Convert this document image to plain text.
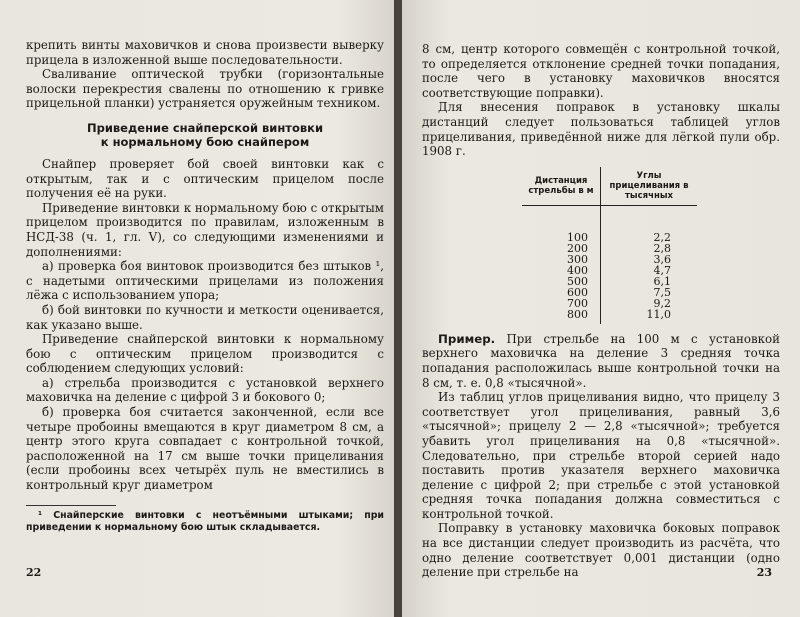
крепить винты маховичков и снова произвести выверку прицела в изложенной выше последовательности.

Сваливание оптической трубки (горизонтальные волоски перекрестия свалены по отношению к гривке прицельной планки) устраняется оружейным техником.

Приведение снайперской винтовки
к нормальному бою снайпером

Снайпер проверяет бой своей винтовки как с открытым, так и с оптическим прицелом после получения её на руки.

Приведение винтовки к нормальному бою с открытым прицелом производится по правилам, изложенным в НСД-38 (ч. 1, гл. V), со следующими изменениями и дополнениями:

а) проверка боя винтовок производится без штыков ¹, с надетыми оптическими прицелами из положения лёжа с использованием упора;

б) бой винтовки по кучности и меткости оценивается, как указано выше.

Приведение снайперской винтовки к нормальному бою с оптическим прицелом производится с соблюдением следующих условий:

а) стрельба производится с установкой верхнего маховичка на деление с цифрой 3 и бокового 0;

б) проверка боя считается законченной, если все четыре пробоины вмещаются в круг диаметром 8 см, а центр этого круга совпадает с контрольной точкой, расположенной на 17 см выше точки прицеливания (если пробоины всех четырёх пуль не вместились в контрольный круг диаметром

¹ Снайперские винтовки с неотъёмными штыками; при приведении к нормальному бою штык складывается.

22

8 см, центр которого совмещён с контрольной точкой, то определяется отклонение средней точки попадания, после чего в установку маховичков вносятся соответствующие поправки).

Для внесения поправок в установку шкалы дистанций следует пользоваться таблицей углов прицеливания, приведённой ниже для лёгкой пули обр. 1908 г.

Дистанция стрельбы в м	Углы прицеливания в тысячных
100	2,2
200	2,8
300	3,6
400	4,7
500	6,1
600	7,5
700	9,2
800	11,0

Пример. При стрельбе на 100 м с установкой верхнего маховичка на деление 3 средняя точка попадания расположилась выше контрольной точки на 8 см, т. е. 0,8 «тысячной».

Из таблиц углов прицеливания видно, что прицелу 3 соответствует угол прицеливания, равный 3,6 «тысячной»; прицелу 2 — 2,8 «тысячной»; требуется убавить угол прицеливания на 0,8 «тысячной». Следовательно, при стрельбе второй серией надо поставить против указателя верхнего маховичка деление с цифрой 2; при стрельбе с этой установкой средняя точка попадания должна совместиться с контрольной точкой.

Поправку в установку маховичка боковых поправок на все дистанции следует производить из расчёта, что одно деление соответствует 0,001 дистанции (одно деление при стрельбе на	23
